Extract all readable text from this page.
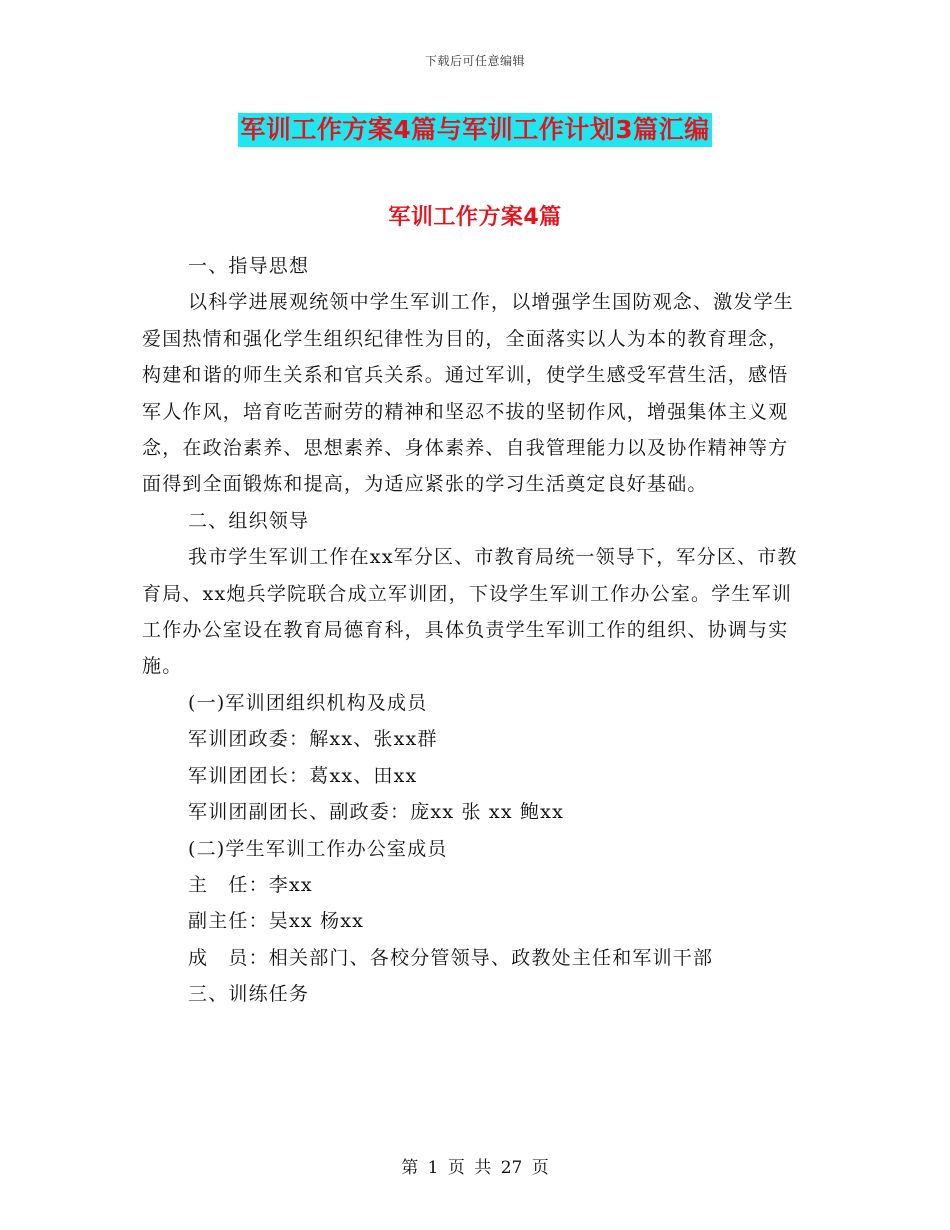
下载后可任意编辑
军训工作方案4篇与军训工作计划3篇汇编
军训工作方案4篇

一、指导思想

以科学进展观统领中学生军训工作，以增强学生国防观念、激发学生爱国热情和强化学生组织纪律性为目的，全面落实以人为本的教育理念，构建和谐的师生关系和官兵关系。通过军训，使学生感受军营生活，感悟军人作风，培育吃苦耐劳的精神和坚忍不拔的坚韧作风，增强集体主义观念，在政治素养、思想素养、身体素养、自我管理能力以及协作精神等方面得到全面锻炼和提高，为适应紧张的学习生活奠定良好基础。

二、组织领导

我市学生军训工作在xx军分区、市教育局统一领导下，军分区、市教育局、xx炮兵学院联合成立军训团，下设学生军训工作办公室。学生军训工作办公室设在教育局德育科，具体负责学生军训工作的组织、协调与实施。

(一)军训团组织机构及成员

军训团政委：解xx、张xx群

军训团团长：葛xx、田xx

军训团副团长、副政委：庞xx 张 xx 鲍xx

(二)学生军训工作办公室成员

主　任：李xx

副主任：吴xx 杨xx

成　员：相关部门、各校分管领导、政教处主任和军训干部

三、训练任务

第 1 页 共 27 页
